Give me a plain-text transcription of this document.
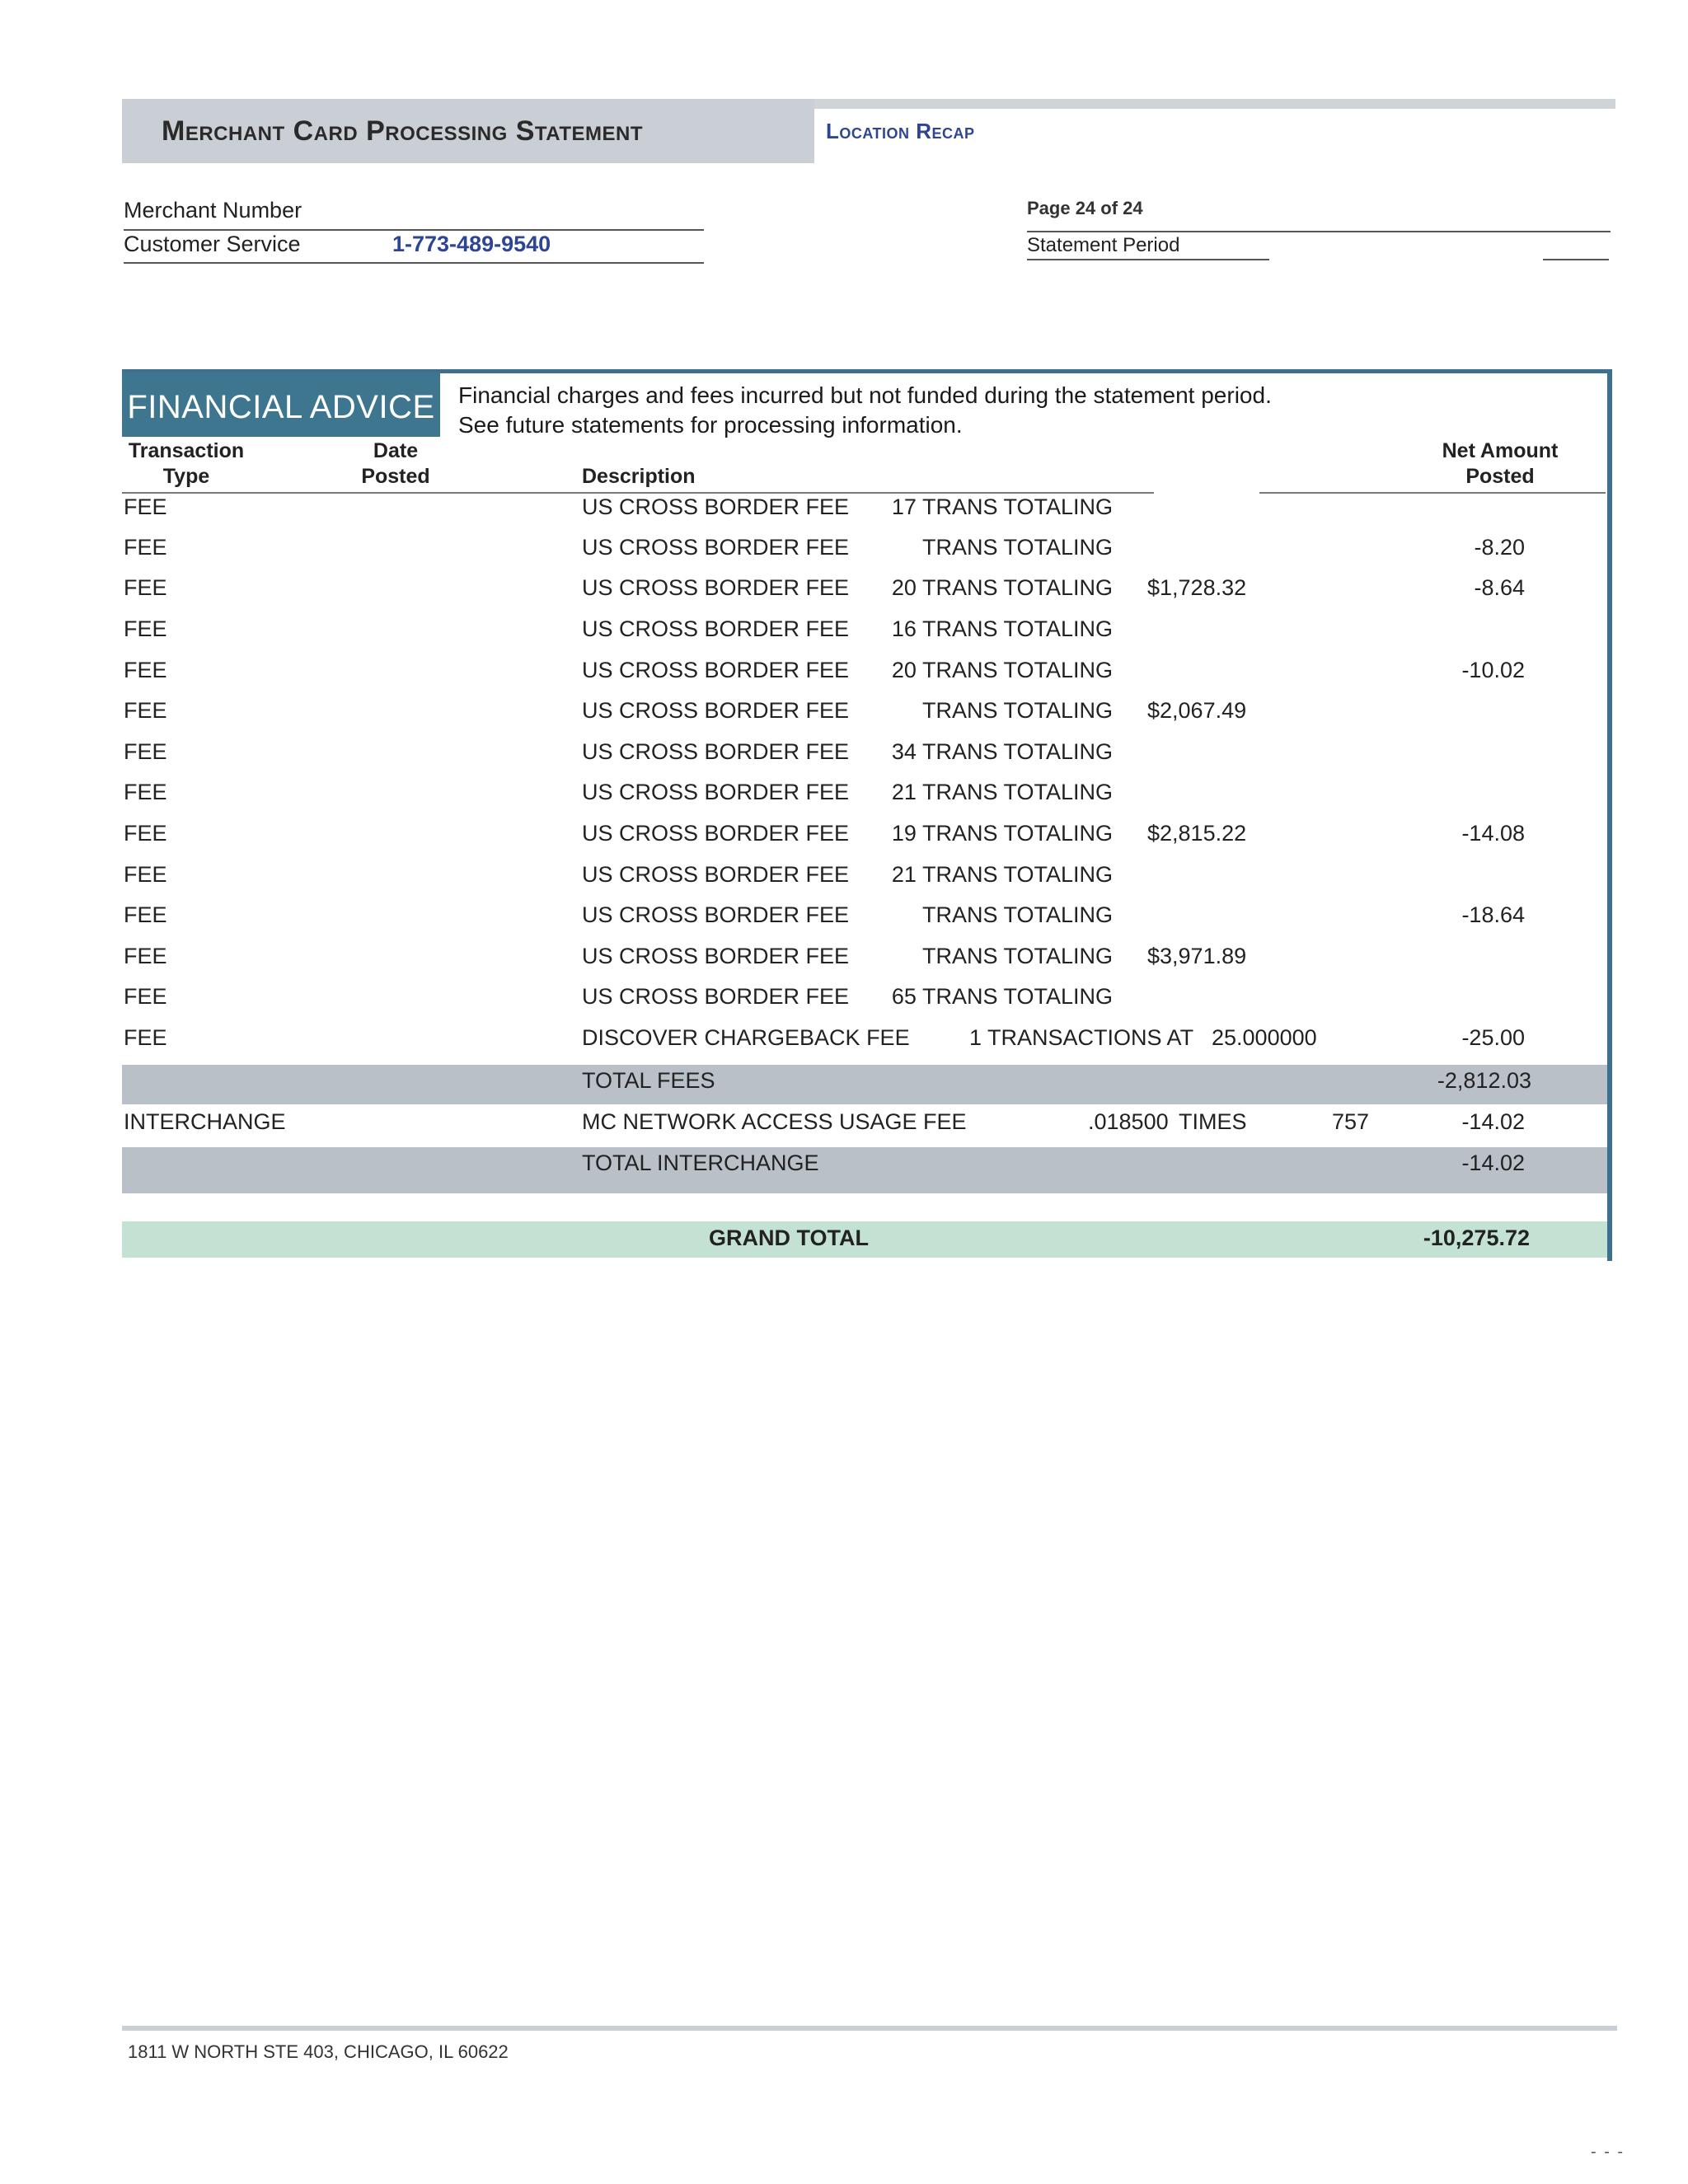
Merchant Card Processing Statement	Location Recap
Merchant Number
Customer Service	1-773-489-9540
Page 24 of 24
Statement Period
FINANCIAL ADVICE Financial charges and fees incurred but not funded during the statement period.
See future statements for processing information.
Transaction
Type
Date
Posted	Description
Net Amount
Posted
FEE	US CROSS BORDER FEE	17 TRANS TOTALING
FEE	US CROSS BORDER FEE	TRANS TOTALING	-8.20
FEE	US CROSS BORDER FEE	20 TRANS TOTALING $1,728.32	-8.64
FEE	US CROSS BORDER FEE	16 TRANS TOTALING
FEE	US CROSS BORDER FEE	20 TRANS TOTALING	-10.02
FEE	US CROSS BORDER FEE	TRANS TOTALING $2,067.49
FEE	US CROSS BORDER FEE	34 TRANS TOTALING
FEE	US CROSS BORDER FEE	21 TRANS TOTALING
FEE	US CROSS BORDER FEE	19 TRANS TOTALING $2,815.22	-14.08
FEE	US CROSS BORDER FEE	21 TRANS TOTALING
FEE	US CROSS BORDER FEE	TRANS TOTALING	-18.64
FEE	US CROSS BORDER FEE	TRANS TOTALING $3,971.89
FEE	US CROSS BORDER FEE	65 TRANS TOTALING
FEE	DISCOVER CHARGEBACK FEE	1 TRANSACTIONS AT 25.000000	-25.00
TOTAL FEES	-2,812.03
INTERCHANGE	MC NETWORK ACCESS USAGE FEE	.018500 TIMES	757	-14.02
TOTAL INTERCHANGE	-14.02
GRAND TOTAL	-10,275.72
1811 W NORTH STE 403, CHICAGO, IL 60622
- - -
